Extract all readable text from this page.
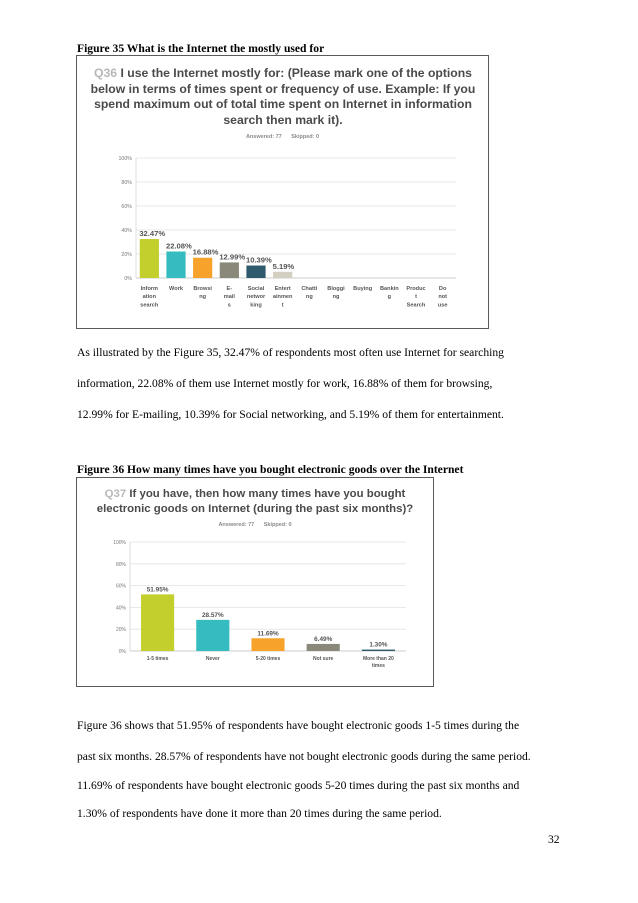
Figure 35 What is the Internet the mostly used for
Q36 I use the Internet mostly for: (Please mark one of the options below in terms of times spent or frequency of use. Example: If you spend maximum out of total time spent on Internet in information search then mark it).
Answered: 77 Skipped: 0
0%
20%
40%
60%
80%
100%
32.47%
Inform
ation
search
22.08%
Work
16.88%
Browsi
ng
12.99%
E-
mail
s
10.39%
Social
networ
king
5.19%
Entert
ainmen
t
Chatti
ng
Bloggi
ng
Buying Bankin
g
Produc
t
Search
Do
not
use
As illustrated by the Figure 35, 32.47% of respondents most often use Internet for searching
information, 22.08% of them use Internet mostly for work, 16.88% of them for browsing,
12.99% for E-mailing, 10.39% for Social networking, and 5.19% of them for entertainment.
Figure 36 How many times have you bought electronic goods over the Internet
Q37 If you have, then how many times have you bought electronic goods on Internet (during the past six months)?
Answered: 77 Skipped: 0
0%
20%
40%
60%
80%
100%
51.95%
1-5 times
28.57%
Never
11.69%
5-20 times
6.49%
Not sure
1.30%
More than 20
times
Figure 36 shows that 51.95% of respondents have bought electronic goods 1-5 times during the
past six months. 28.57% of respondents have not bought electronic goods during the same period.
11.69% of respondents have bought electronic goods 5-20 times during the past six months and
1.30% of respondents have done it more than 20 times during the same period.
32
